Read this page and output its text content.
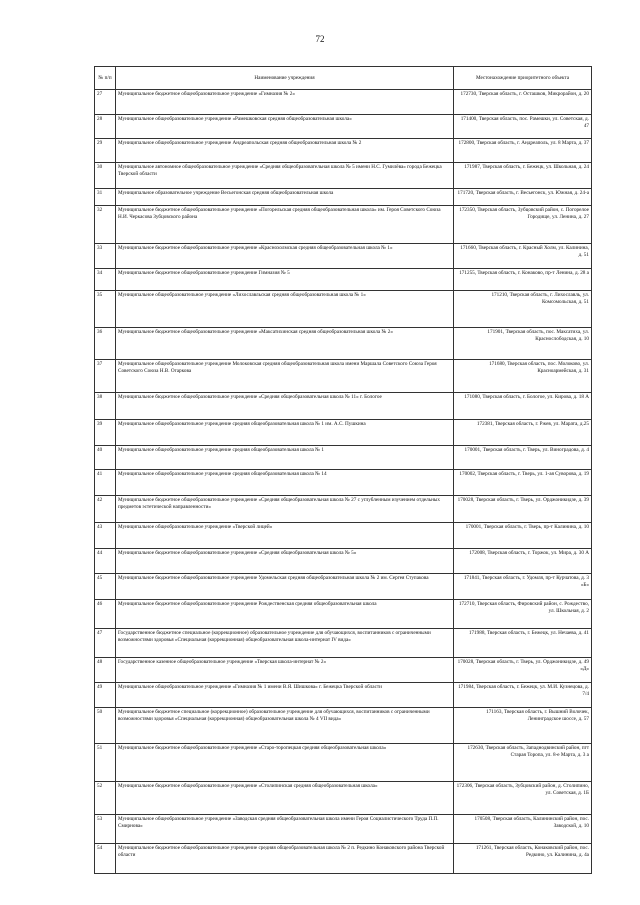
72
№ п/п	Наименование учреждения	Местонахождение приоритетного объекта
27	Муниципальное бюджетное общеобразовательное учреждение «Гимназия № 2»	172730, Тверская область, г. Осташков, Микрорайон, д. 20
28	Муниципальное общеобразовательное учреждение «Рамешковская средняя общеобразовательная школа»	171400, Тверская область, пос. Рамешки, ул. Советская, д. 47
29	Муниципальное общеобразовательное учреждение Андреапольская средняя общеобразовательная школа № 2	172800, Тверская область, г. Андреаполь, ул. 8 Марта, д. 37
30	Муниципальное автономное общеобразовательное учреждение «Средняя общеобразовательная школа № 5 имени Н.С. Гумилёва» города Бежецка Тверской области	171987, Тверская область, г. Бежецк, ул. Школьная, д. 24
31	Муниципальное образовательное учреждение Весьегонская средняя общеобразовательная школа	171720, Тверская область, г. Весьегонск, ул. Южная, д. 24-а
32	Муниципальное бюджетное общеобразовательное учреждение «Погорельская средняя общеобразовательная школа» им. Героя Советского Союза Н.И. Черкасова Зубцовского района	172350, Тверская область, Зубцовский район, с. Погорелое Городище, ул. Ленина, д. 27
33	Муниципальное бюджетное общеобразовательное учреждение «Краснохолмская средняя общеобразовательная школа № 1»	171660, Тверская область, г. Красный Холм, ул. Калинина, д. 51
34	Муниципальное бюджетное общеобразовательное учреждение Гимназия № 5	171255, Тверская область, г. Конаково, пр-т Ленина, д. 28 а
35	Муниципальное общеобразовательное учреждение «Лихославльская средняя общеобразовательная школа № 1»	171210, Тверская область, г. Лихославль, ул. Комсомольская, д. 51
36	Муниципальное бюджетное общеобразовательное учреждение «Максатихинская средняя общеобразовательная школа № 2»	171901, Тверская область, пос. Максатиха, ул. Краснослободская, д. 10
37	Муниципальное общеобразовательное учреждение Молоковская средняя общеобразовательная школа имени Маршала Советского Союза Героя Советского Союза Н.В. Огаркова	171680, Тверская область, пос. Молоково, ул. Красноармейская, д. 31
38	Муниципальное бюджетное общеобразовательное учреждение «Средняя общеобразовательная школа № 11» г. Бологое	171080, Тверская область, г. Бологое, ул. Кирова, д. 18 А
39	Муниципальное общеобразовательное учреждение средняя общеобразовательная школа № 1 им. А.С. Пушкина	172381, Тверская область, г. Ржев, ул. Марата, д.25
40	Муниципальное общеобразовательное учреждение средняя общеобразовательная школа № 1	170001, Тверская область, г. Тверь, ул. Виноградова, д. 4
41	Муниципальное общеобразовательное учреждение средняя общеобразовательная школа № 14	170002, Тверская область, г. Тверь, ул. 1-ая Суворова, д. 19
42	Муниципальное бюджетное общеобразовательное учреждение «Средняя общеобразовательная школа № 27 с углубленным изучением отдельных предметов эстетической направленности»	170028, Тверская область, г. Тверь, ул. Орджоникидзе, д. 39
43	Муниципальное общеобразовательное учреждение «Тверской лицей»	170001, Тверская область, г. Тверь, пр-т Калинина, д. 10
44	Муниципальное бюджетное общеобразовательное учреждение «Средняя общеобразовательная школа № 5»	172008, Тверская область, г. Торжок, ул. Мира, д. 30 А
45	Муниципальное бюджетное общеобразовательное учреждение Удомельская средняя общеобразовательная школа № 2 им. Сергея Ступакова	171841, Тверская область, г. Удомля, пр-т Курчатова, д. 3 «Б»
46	Муниципальное бюджетное общеобразовательное учреждение Рождественская средняя общеобразовательная школа	172710, Тверская область, Фировский район, с. Рождество, ул. Школьная, д. 2
47	Государственное бюджетное специальное (коррекционное) образовательное учреждение для обучающихся, воспитанников с ограниченными возможностями здоровья «Специальная (коррекционная) общеобразовательная школа-интернат IV вида»	171988, Тверская область, г. Бежецк, ул. Нечаева, д. 41
48	Государственное казенное общеобразовательное учреждение «Тверская школа-интернат № 2»	170028, Тверская область, г. Тверь, ул. Орджоникидзе, д. 49 «Д»
49	Муниципальное общеобразовательное учреждение «Гимназия № 1 имени В.Я. Шишкова» г. Бежецка Тверской области	171984, Тверская область, г. Бежецк, ул. М.И. Кузнецова, д. 7/4
50	Муниципальное бюджетное специальное (коррекционное) образовательное учреждение для обучающихся, воспитанников с ограниченными возможностями здоровья «Специальная (коррекционная) общеобразовательная школа № 4 VII вида»	171163, Тверская область, г. Вышний Волочек, Ленинградское шоссе, д. 57
51	Муниципальное бюджетное общеобразовательное учреждение «Старо-торопецкая средняя общеобразовательная школа»	172630, Тверская область, Западнодвинский район, пгт Старая Торопа, ул. 8-е Марта, д. 3 а
52	Муниципальное бюджетное общеобразовательное учреждение «Столипинская средняя общеобразовательная школа»	172306, Тверская область, Зубцовский район, д. Столипино, ул. Советская, д. 1Б
53	Муниципальное общеобразовательное учреждение «Заводская средняя общеобразовательная школа имени Героя Социалистического Труда П.П. Смирнова»	170508, Тверская область, Калининский район, пос. Заводской, д. 10
54	Муниципальное бюджетное общеобразовательное учреждение средняя общеобразовательная школа № 2 п. Редкино Конаковского района Тверской области	171261, Тверская область, Конаковский район, пос. Редкино, ул. Калинина, д. 4а
